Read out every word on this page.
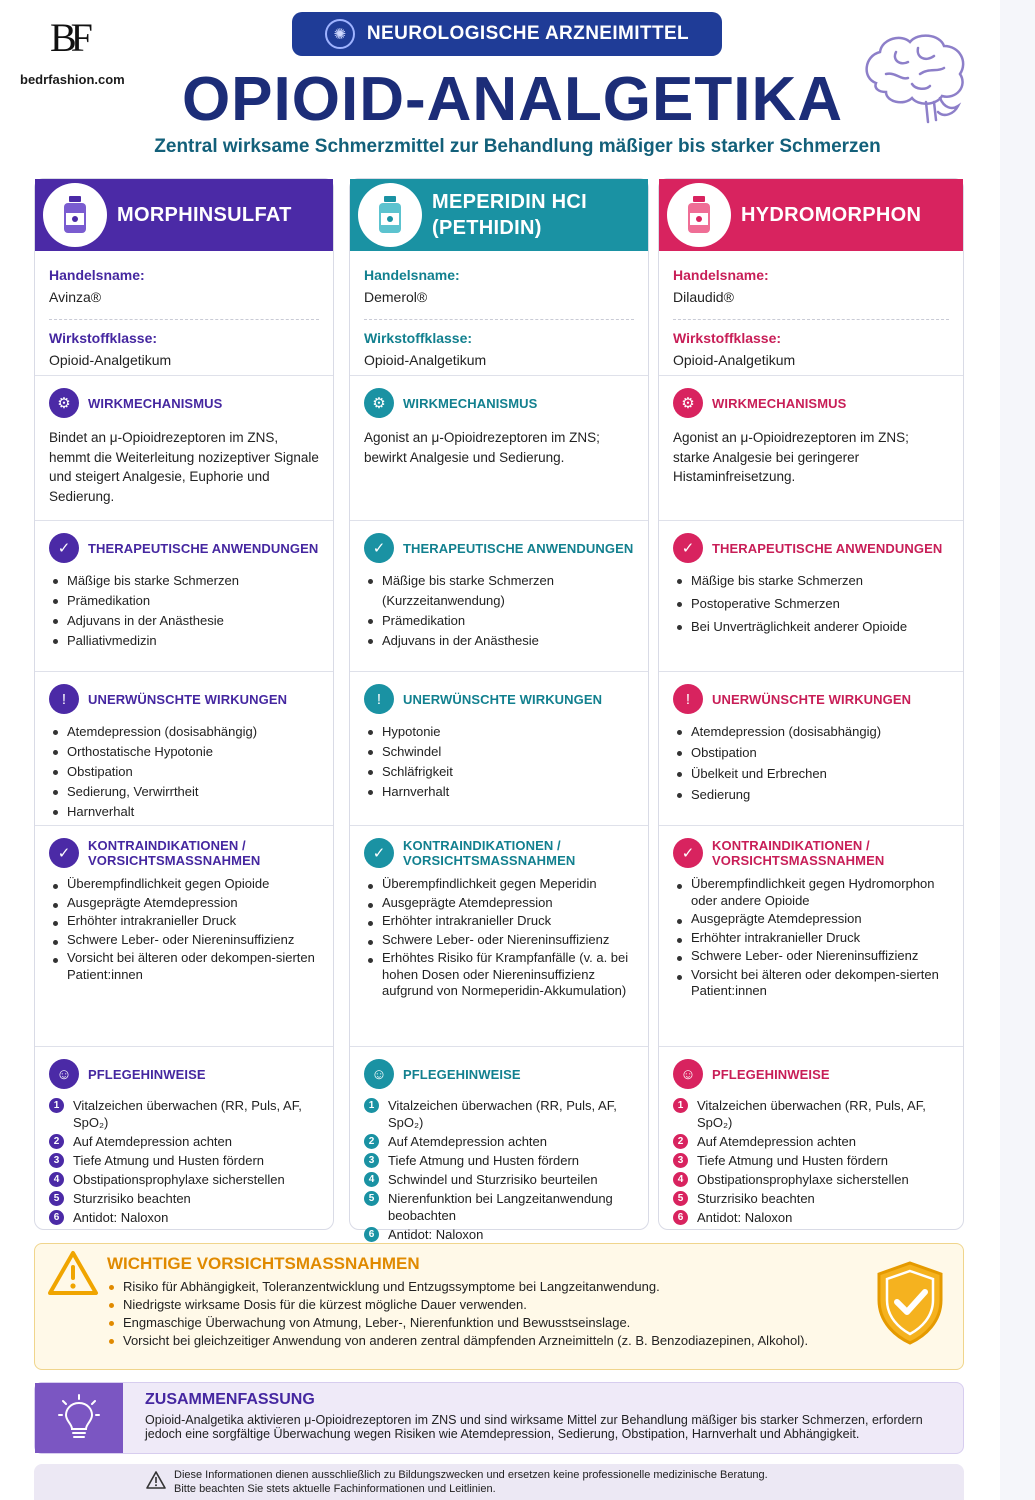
BF
bedrfashion.com
✺	NEUROLOGISCHE ARZNEIMITTEL
OPIOID-ANALGETIKA
Zentral wirksame Schmerzmittel zur Behandlung mäßiger bis starker Schmerzen
MORPHINSULFAT
Handelsname:
Avinza®
Wirkstoffklasse:
Opioid-Analgetikum
⚙	WIRKMECHANISMUS
Bindet an μ-Opioidrezeptoren im ZNS, hemmt die Weiterleitung nozizeptiver Signale und steigert Analgesie, Euphorie und Sedierung.
✓	THERAPEUTISCHE ANWENDUNGEN
Mäßige bis starke Schmerzen
Prämedikation
Adjuvans in der Anästhesie
Palliativmedizin
!	UNERWÜNSCHTE WIRKUNGEN
Atemdepression (dosisabhängig)
Orthostatische Hypotonie
Obstipation
Sedierung, Verwirrtheit
Harnverhalt
✓	KONTRAINDIKATIONEN /
VORSICHTSMASSNAHMEN
Überempfindlichkeit gegen Opioide
Ausgeprägte Atemdepression
Erhöhter intrakranieller Druck
Schwere Leber- oder Niereninsuffizienz
Vorsicht bei älteren oder dekompen-sierten Patient:innen
☺	PFLEGEHINWEISE
1	Vitalzeichen überwachen (RR, Puls, AF, SpO₂)
2	Auf Atemdepression achten
3	Tiefe Atmung und Husten fördern
4	Obstipationsprophylaxe sicherstellen
5	Sturzrisiko beachten
6	Antidot: Naloxon
MEPERIDIN HCI
(PETHIDIN)
Handelsname:
Demerol®
Wirkstoffklasse:
Opioid-Analgetikum
⚙	WIRKMECHANISMUS
Agonist an μ-Opioidrezeptoren im ZNS; bewirkt Analgesie und Sedierung.
✓	THERAPEUTISCHE ANWENDUNGEN
Mäßige bis starke Schmerzen (Kurzzeitanwendung)
Prämedikation
Adjuvans in der Anästhesie
!	UNERWÜNSCHTE WIRKUNGEN
Hypotonie
Schwindel
Schläfrigkeit
Harnverhalt
✓	KONTRAINDIKATIONEN /
VORSICHTSMASSNAHMEN
Überempfindlichkeit gegen Meperidin
Ausgeprägte Atemdepression
Erhöhter intrakranieller Druck
Schwere Leber- oder Niereninsuffizienz
Erhöhtes Risiko für Krampfanfälle (v. a. bei hohen Dosen oder Niereninsuffizienz aufgrund von Normeperidin-Akkumulation)
☺	PFLEGEHINWEISE
1	Vitalzeichen überwachen (RR, Puls, AF, SpO₂)
2	Auf Atemdepression achten
3	Tiefe Atmung und Husten fördern
4	Schwindel und Sturzrisiko beurteilen
5	Nierenfunktion bei Langzeitanwendung beobachten
6	Antidot: Naloxon
HYDROMORPHON
Handelsname:
Dilaudid®
Wirkstoffklasse:
Opioid-Analgetikum
⚙	WIRKMECHANISMUS
Agonist an μ-Opioidrezeptoren im ZNS; starke Analgesie bei geringerer Histaminfreisetzung.
✓	THERAPEUTISCHE ANWENDUNGEN
Mäßige bis starke Schmerzen
Postoperative Schmerzen
Bei Unverträglichkeit anderer Opioide
!	UNERWÜNSCHTE WIRKUNGEN
Atemdepression (dosisabhängig)
Obstipation
Übelkeit und Erbrechen
Sedierung
✓	KONTRAINDIKATIONEN /
VORSICHTSMASSNAHMEN
Überempfindlichkeit gegen Hydromorphon oder andere Opioide
Ausgeprägte Atemdepression
Erhöhter intrakranieller Druck
Schwere Leber- oder Niereninsuffizienz
Vorsicht bei älteren oder dekompen-sierten Patient:innen
☺	PFLEGEHINWEISE
1	Vitalzeichen überwachen (RR, Puls, AF, SpO₂)
2	Auf Atemdepression achten
3	Tiefe Atmung und Husten fördern
4	Obstipationsprophylaxe sicherstellen
5	Sturzrisiko beachten
6	Antidot: Naloxon
WICHTIGE VORSICHTSMASSNAHMEN
Risiko für Abhängigkeit, Toleranzentwicklung und Entzugssymptome bei Langzeitanwendung.
Niedrigste wirksame Dosis für die kürzest mögliche Dauer verwenden.
Engmaschige Überwachung von Atmung, Leber-, Nierenfunktion und Bewusstseinslage.
Vorsicht bei gleichzeitiger Anwendung von anderen zentral dämpfenden Arzneimitteln (z. B. Benzodiazepinen, Alkohol).
ZUSAMMENFASSUNG
Opioid-Analgetika aktivieren μ-Opioidrezeptoren im ZNS und sind wirksame Mittel zur Behandlung mäßiger bis starker Schmerzen, erfordern jedoch eine sorgfältige Überwachung wegen Risiken wie Atemdepression, Sedierung, Obstipation, Harnverhalt und Abhängigkeit.
Diese Informationen dienen ausschließlich zu Bildungszwecken und ersetzen keine professionelle medizinische Beratung.
Bitte beachten Sie stets aktuelle Fachinformationen und Leitlinien.
